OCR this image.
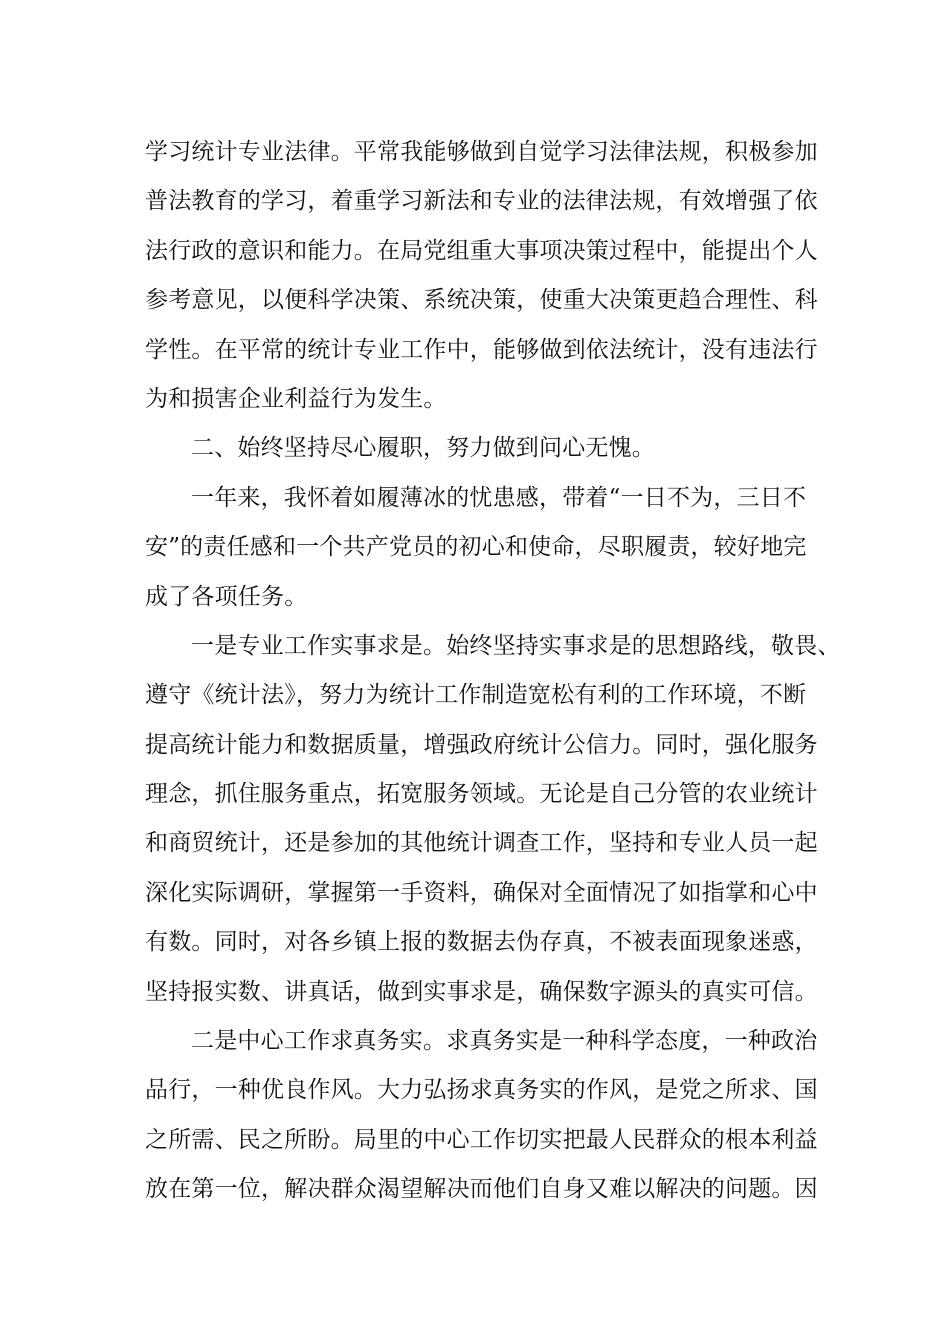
学习统计专业法律。平常我能够做到自觉学习法律法规，积极参加
普法教育的学习，着重学习新法和专业的法律法规，有效增强了依
法行政的意识和能力。在局党组重大事项决策过程中，能提出个人
参考意见，以便科学决策、系统决策，使重大决策更趋合理性、科
学性。在平常的统计专业工作中，能够做到依法统计，没有违法行
为和损害企业利益行为发生。
二、始终坚持尽心履职，努力做到问心无愧。
一年来，我怀着如履薄冰的忧患感，带着“一日不为，三日不
安”的责任感和一个共产党员的初心和使命，尽职履责，较好地完
成了各项任务。
一是专业工作实事求是。始终坚持实事求是的思想路线，敬畏、
遵守《统计法》，努力为统计工作制造宽松有利的工作环境，不断
提高统计能力和数据质量，增强政府统计公信力。同时，强化服务
理念，抓住服务重点，拓宽服务领域。无论是自己分管的农业统计
和商贸统计，还是参加的其他统计调查工作，坚持和专业人员一起
深化实际调研，掌握第一手资料，确保对全面情况了如指掌和心中
有数。同时，对各乡镇上报的数据去伪存真，不被表面现象迷惑，
坚持报实数、讲真话，做到实事求是，确保数字源头的真实可信。
二是中心工作求真务实。求真务实是一种科学态度，一种政治
品行，一种优良作风。大力弘扬求真务实的作风，是党之所求、国
之所需、民之所盼。局里的中心工作切实把最人民群众的根本利益
放在第一位，解决群众渴望解决而他们自身又难以解决的问题。因
